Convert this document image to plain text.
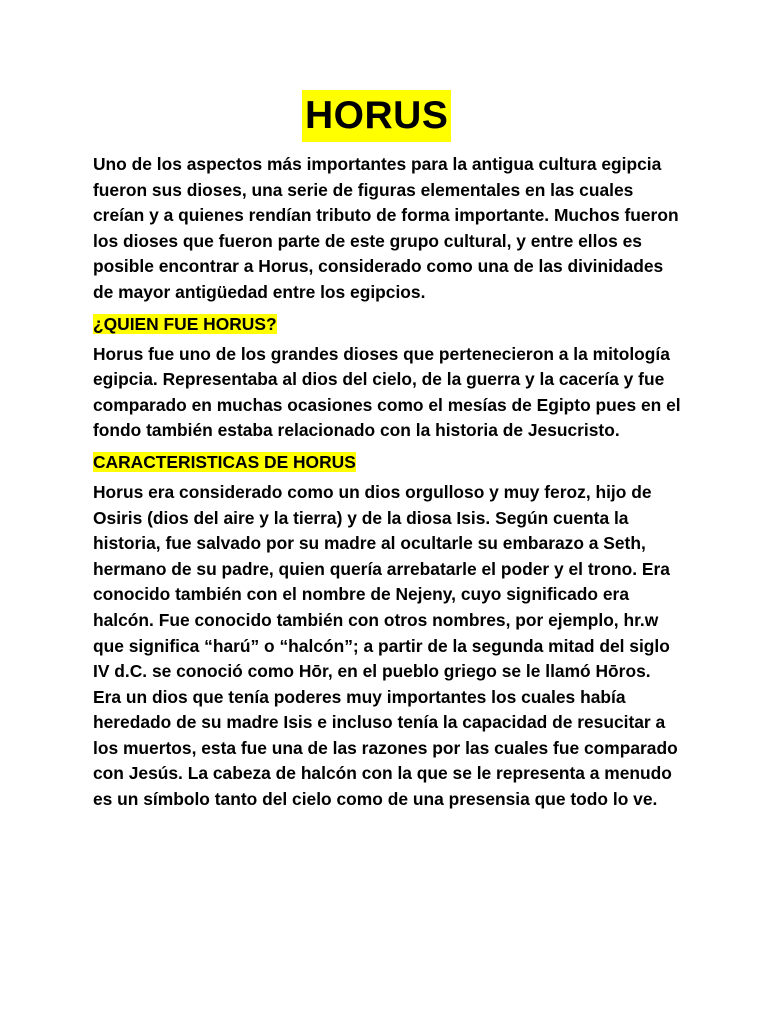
HORUS

Uno de los aspectos más importantes para la antigua cultura egipcia fueron sus dioses, una serie de figuras elementales en las cuales creían y a quienes rendían tributo de forma importante. Muchos fueron los dioses que fueron parte de este grupo cultural, y entre ellos es posible encontrar a Horus, considerado como una de las divinidades de mayor antigüedad entre los egipcios.

¿QUIEN FUE HORUS?

Horus fue uno de los grandes dioses que pertenecieron a la mitología egipcia. Representaba al dios del cielo, de la guerra y la cacería y fue comparado en muchas ocasiones como el mesías de Egipto pues en el fondo también estaba relacionado con la historia de Jesucristo.

CARACTERISTICAS DE HORUS

Horus era considerado como un dios orgulloso y muy feroz, hijo de Osiris (dios del aire y la tierra) y de la diosa Isis. Según cuenta la historia, fue salvado por su madre al ocultarle su embarazo a Seth, hermano de su padre, quien quería arrebatarle el poder y el trono. Era conocido también con el nombre de Nejeny, cuyo significado era halcón. Fue conocido también con otros nombres, por ejemplo, hr.w que significa “harú” o “halcón”; a partir de la segunda mitad del siglo IV d.C. se conoció como Hōr, en el pueblo griego se le llamó Hōros. Era un dios que tenía poderes muy importantes los cuales había heredado de su madre Isis e incluso tenía la capacidad de resucitar a los muertos, esta fue una de las razones por las cuales fue comparado con Jesús. La cabeza de halcón con la que se le representa a menudo es un símbolo tanto del cielo como de una presensia que todo lo ve.
